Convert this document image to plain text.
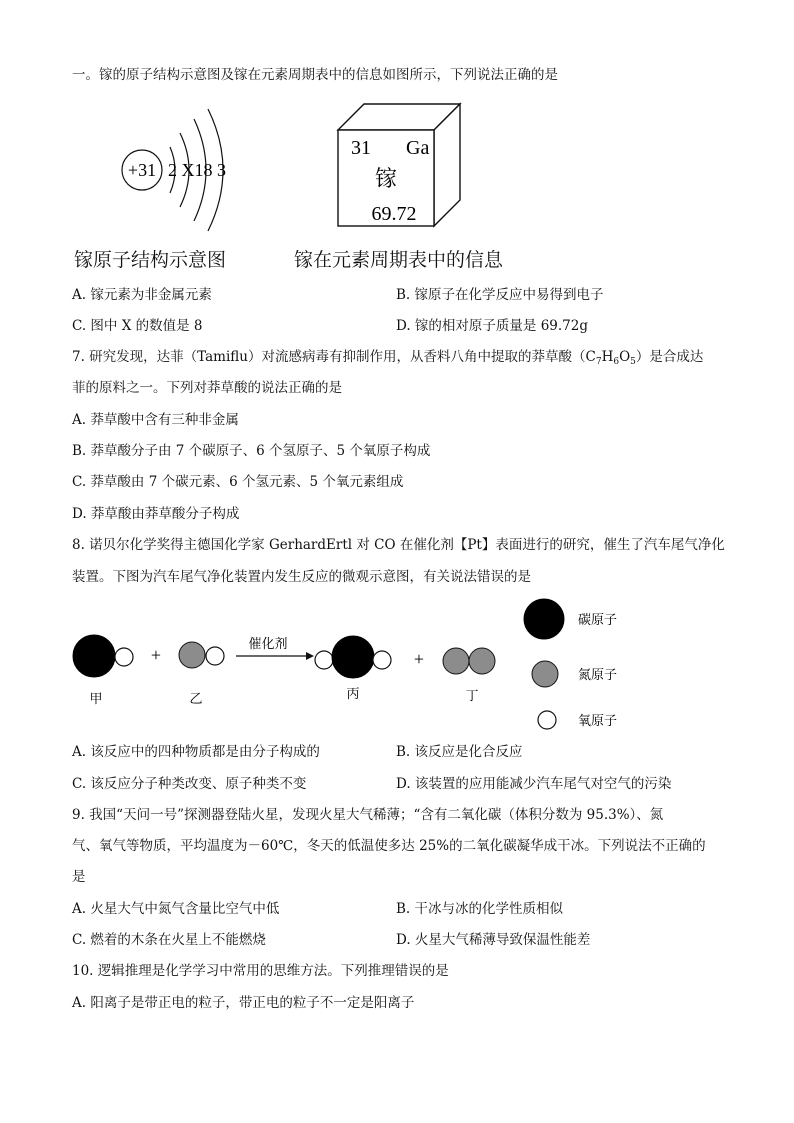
一。镓的原子结构示意图及镓在元素周期表中的信息如图所示，下列说法正确的是
+31 2 X18 3
31 Ga
镓
69.72
镓原子结构示意图	镓在元素周期表中的信息
A. 镓元素为非金属元素	B. 镓原子在化学反应中易得到电子
C. 图中 X 的数值是 8	D. 镓的相对原子质量是 69.72g
7. 研究发现，达菲（Tamiflu）对流感病毒有抑制作用，从香料八角中提取的莽草酸$(C_7H_6O_5)$是合成达
菲的原料之一。下列对莽草酸的说法正确的是
A. 莽草酸中含有三种非金属
B. 莽草酸分子由 7 个碳原子、6 个氢原子、5 个氧原子构成
C. 莽草酸由 7 个碳元素、6 个氢元素、5 个氧元素组成
D. 莽草酸由莽草酸分子构成
8. 诺贝尔化学奖得主德国化学家 GerhardErtl 对 CO 在催化剂【Pt】表面进行的研究，催生了汽车尾气净化
装置。下图为汽车尾气净化装置内发生反应的微观示意图，有关说法错误的是
甲
+
乙
催化剂
丙
+
丁
碳原子
氮原子
氧原子
A. 该反应中的四种物质都是由分子构成的	B. 该反应是化合反应
C. 该反应分子种类改变、原子种类不变	D. 该装置的应用能减少汽车尾气对空气的污染
9. 我国“天问一号”探测器登陆火星，发现火星大气稀薄；“含有二氧化碳（体积分数为 95.3%）、氮
气、氧气等物质，平均温度为－60℃，冬天的低温使多达 25%的二氧化碳凝华成干冰。下列说法不正确的
是
A. 火星大气中氮气含量比空气中低	B. 干冰与冰的化学性质相似
C. 燃着的木条在火星上不能燃烧	D. 火星大气稀薄导致保温性能差
10. 逻辑推理是化学学习中常用的思维方法。下列推理错误的是
A. 阳离子是带正电的粒子，带正电的粒子不一定是阳离子
